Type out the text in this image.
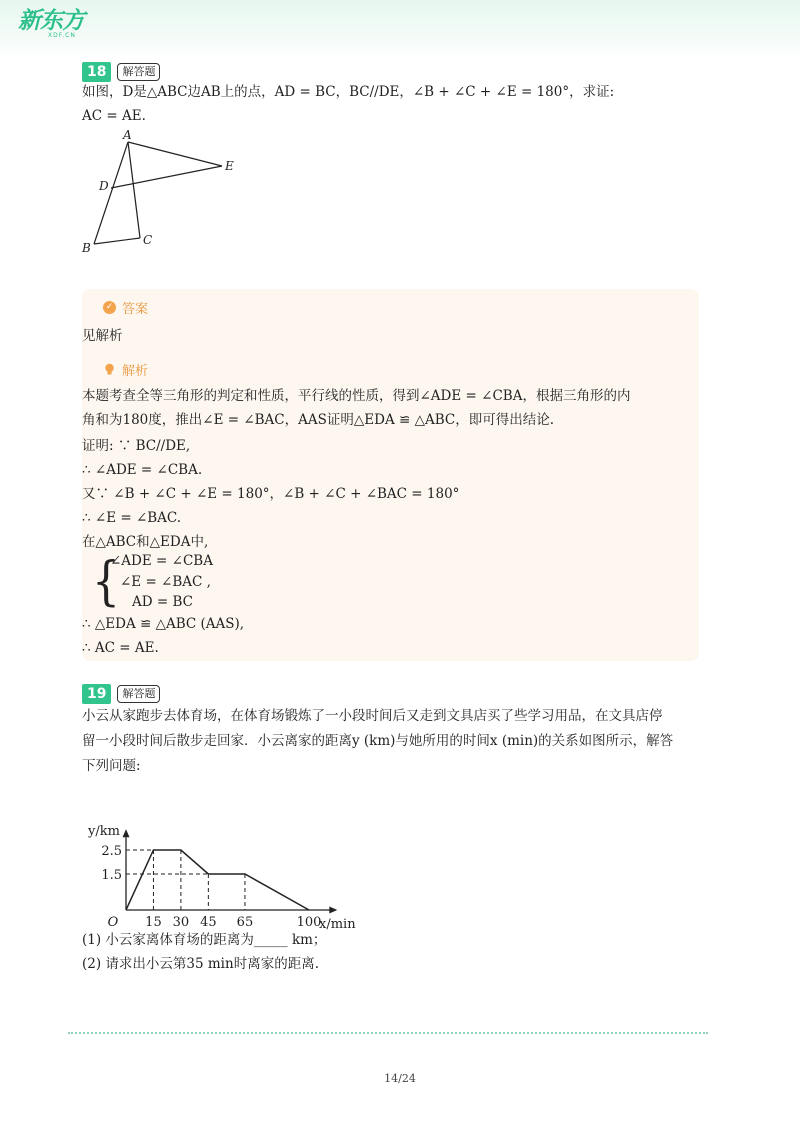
新东方
XDF.CN
18	解答题
如图，D是△ABC边AB上的点，AD = BC，BC//DE，∠B + ∠C + ∠E = 180°，求证:
AC = AE.
A
B
C
D
E
✓ 答案
见解析
解析
本题考查全等三角形的判定和性质，平行线的性质，得到∠ADE = ∠CBA，根据三角形的内
角和为180度，推出∠E = ∠BAC，AAS证明△EDA ≌ △ABC，即可得出结论.
证明: ∵ BC//DE,
∴ ∠ADE = ∠CBA.
又∵ ∠B + ∠C + ∠E = 180°，∠B + ∠C + ∠BAC = 180°
∴ ∠E = ∠BAC.
在△ABC和△EDA中,
{
∠ADE = ∠CBA
∠E = ∠BAC ,
AD = BC
∴ △EDA ≌ △ABC (AAS),
∴ AC = AE.
19	解答题
小云从家跑步去体育场，在体育场锻炼了一小段时间后又走到文具店买了些学习用品，在文具店停
留一小段时间后散步走回家．小云离家的距离y (km)与她所用的时间x (min)的关系如图所示，解答
下列问题:
15 30 45 65	100
2.5
1.5
O	x/min
y/km
(1) 小云家离体育场的距离为_____ km；
(2) 请求出小云第35 min时离家的距离.
14/24
